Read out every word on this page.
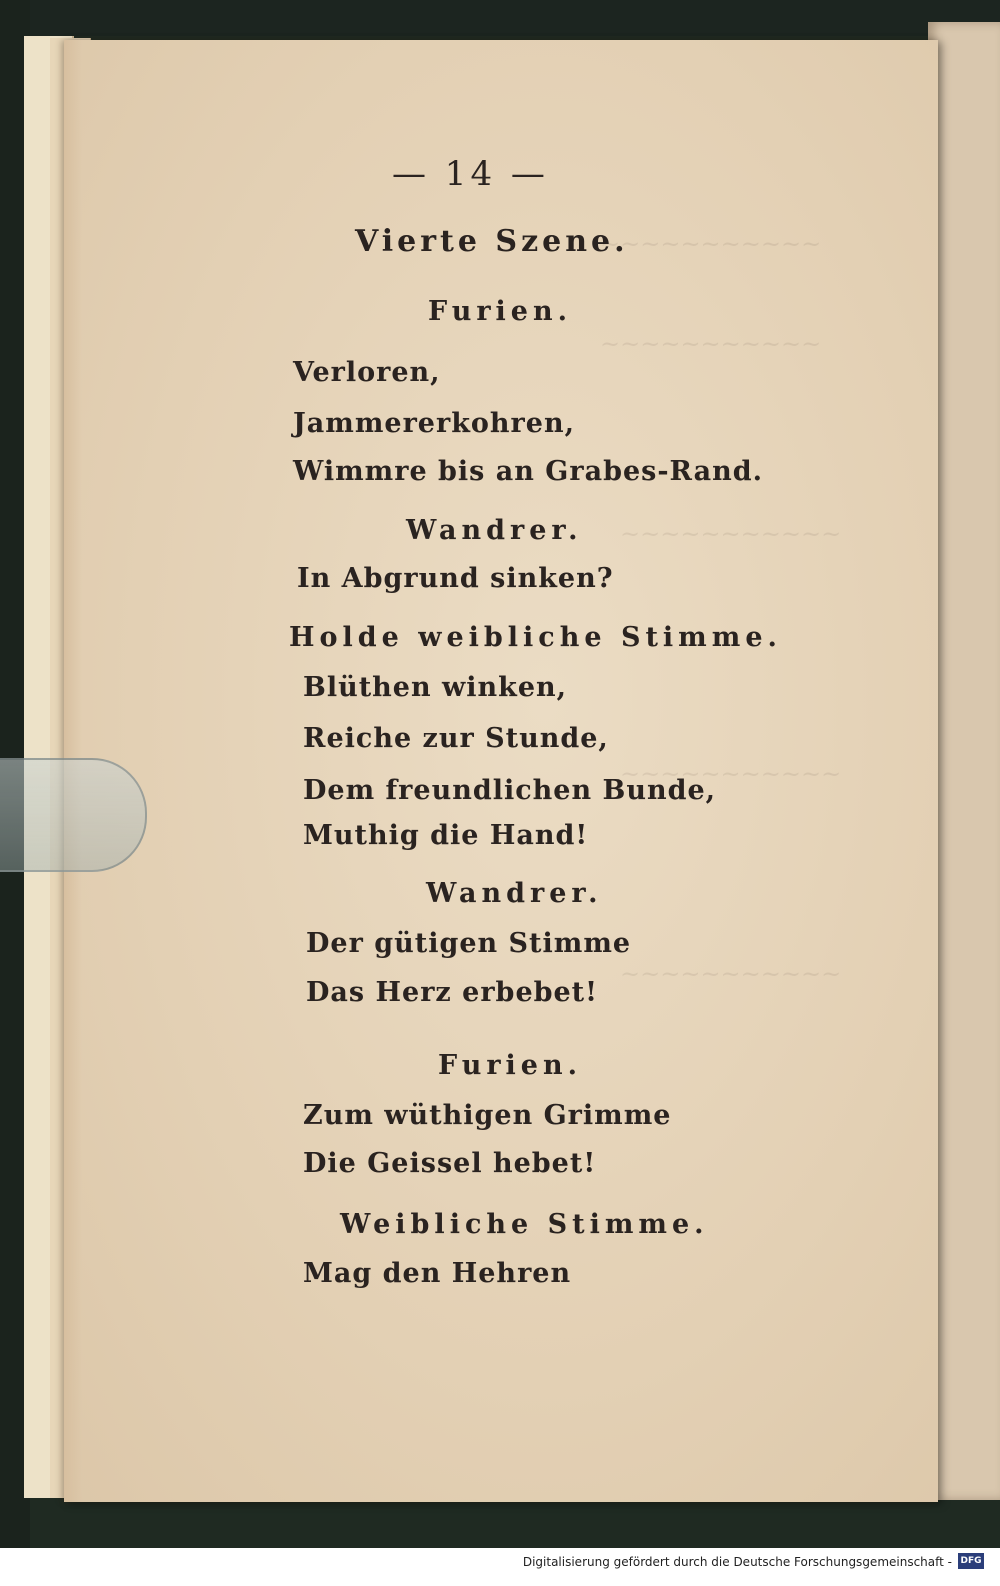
~~~~~~~~~~~
~~~~~~~~~~~
~~~~~~~~~~~
~~~~~~~~~~~
~~~~~~~~~~~
— 14 —
Vierte Szene.
Furien.
Verloren,
Jammererkohren,
Wimmre bis an Grabes-Rand.
Wandrer.
In Abgrund sinken?
Holde weibliche Stimme.
Blüthen winken,
Reiche zur Stunde,
Dem freundlichen Bunde,
Muthig die Hand!
Wandrer.
Der gütigen Stimme
Das Herz erbebet!
Furien.
Zum wüthigen Grimme
Die Geissel hebet!
Weibliche Stimme.
Mag den Hehren
Digitalisierung gefördert durch die Deutsche Forschungsgemeinschaft - DFG
